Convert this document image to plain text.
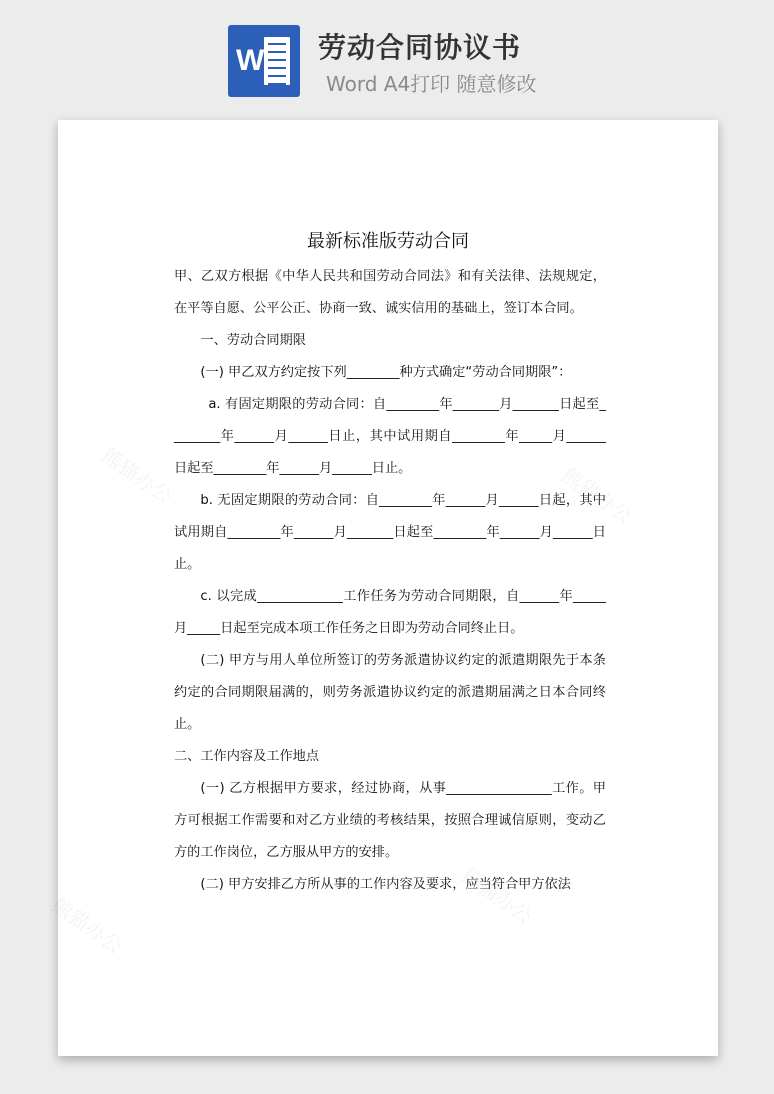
W 劳动合同协议书
Word A4打印 随意修改
熊猫办公	熊猫办公
熊猫办公	熊猫办公
最新标准版劳动合同

甲、乙双方根据《中华人民共和国劳动合同法》和有关法律、法规规定，在平等自愿、公平公正、协商一致、诚实信用的基础上，签订本合同。

一、劳动合同期限

(一) 甲乙双方约定按下列________种方式确定“劳动合同期限”：

a. 有固定期限的劳动合同：自________年_______月_______日起至________年______月______日止，其中试用期自________年_____月______日起至________年______月______日止。

b. 无固定期限的劳动合同：自________年______月______日起，其中试用期自________年______月_______日起至________年______月______日止。

c. 以完成_____________工作任务为劳动合同期限，自______年_____月_____日起至完成本项工作任务之日即为劳动合同终止日。

(二) 甲方与用人单位所签订的劳务派遣协议约定的派遣期限先于本条约定的合同期限届满的，则劳务派遣协议约定的派遣期届满之日本合同终止。

二、工作内容及工作地点

(一) 乙方根据甲方要求，经过协商，从事________________工作。甲方可根据工作需要和对乙方业绩的考核结果，按照合理诚信原则，变动乙方的工作岗位，乙方服从甲方的安排。

(二) 甲方安排乙方所从事的工作内容及要求，应当符合甲方依法
